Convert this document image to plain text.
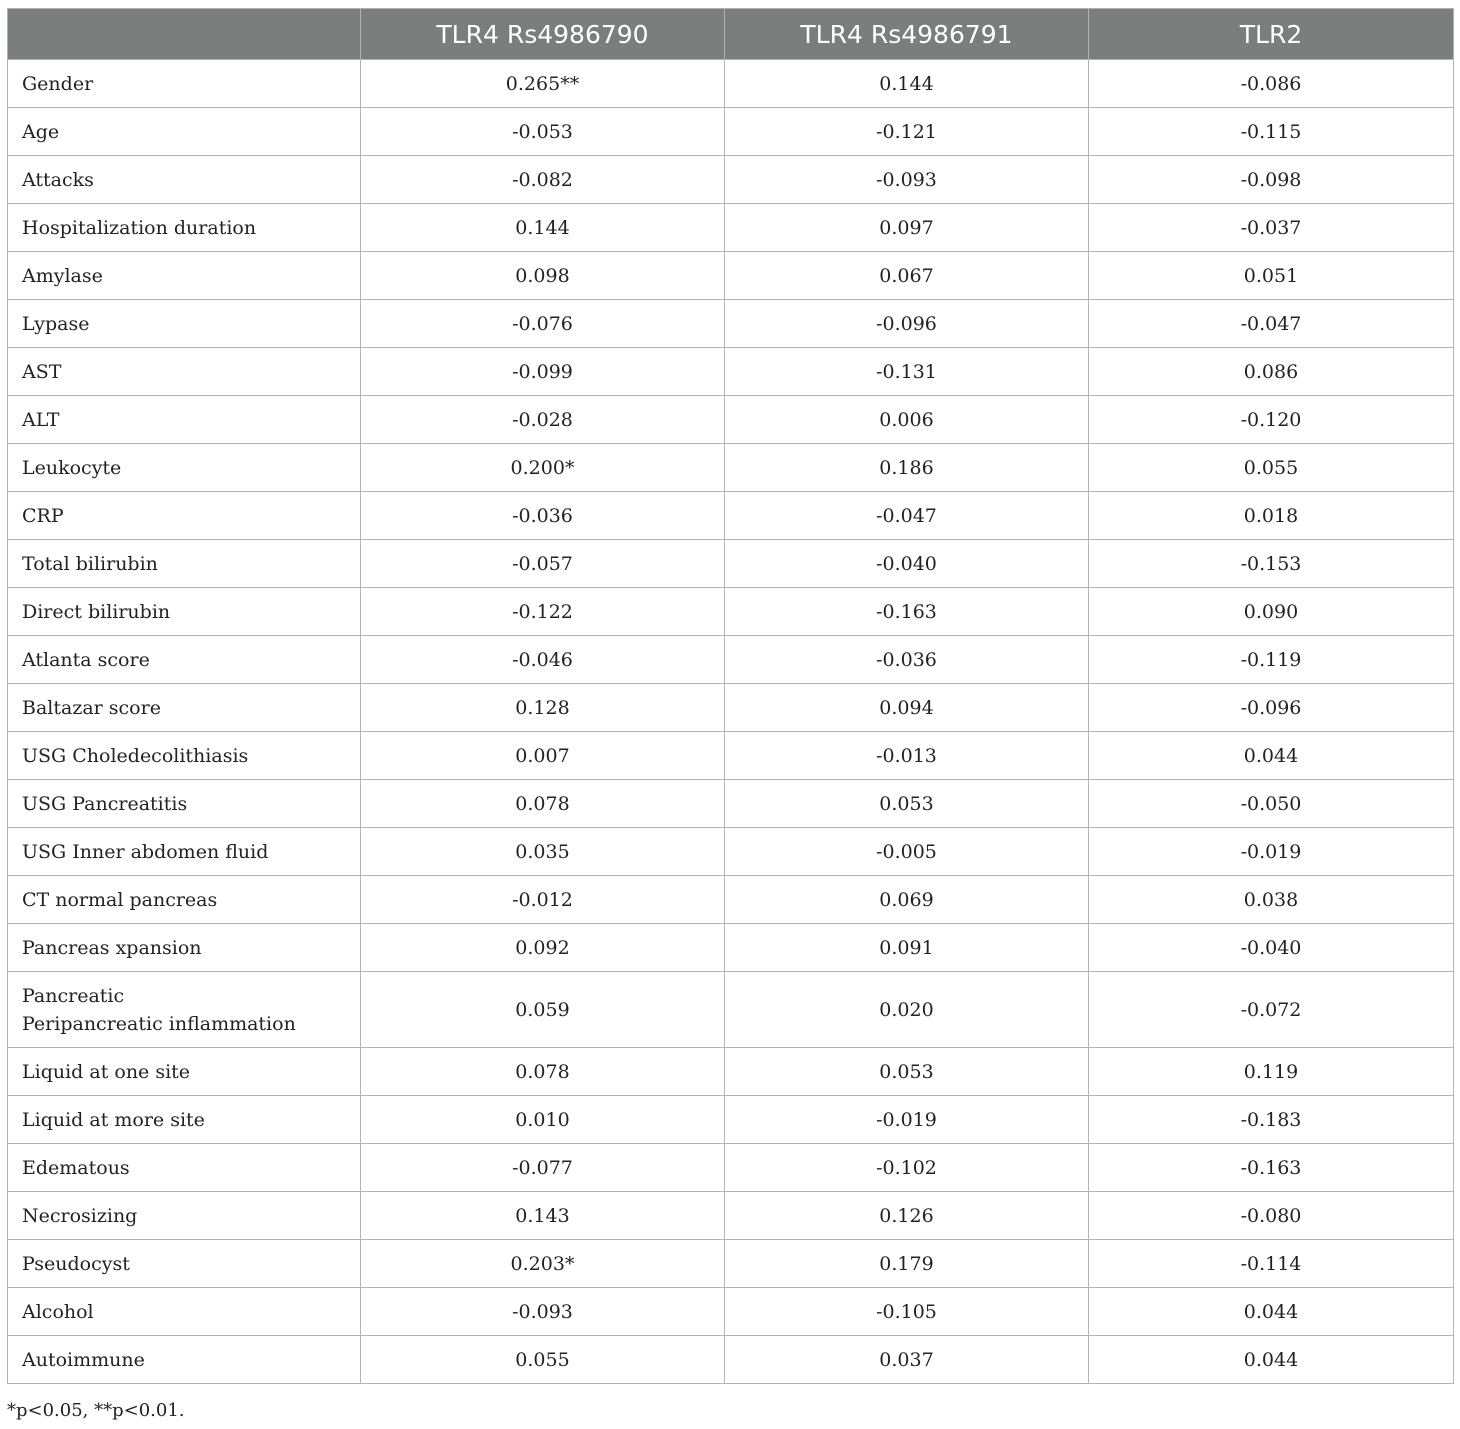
	TLR4 Rs4986790	TLR4 Rs4986791	TLR2
Gender	0.265**	0.144	-0.086
Age	-0.053	-0.121	-0.115
Attacks	-0.082	-0.093	-0.098
Hospitalization duration	0.144	0.097	-0.037
Amylase	0.098	0.067	0.051
Lypase	-0.076	-0.096	-0.047
AST	-0.099	-0.131	0.086
ALT	-0.028	0.006	-0.120
Leukocyte	0.200*	0.186	0.055
CRP	-0.036	-0.047	0.018
Total bilirubin	-0.057	-0.040	-0.153
Direct bilirubin	-0.122	-0.163	0.090
Atlanta score	-0.046	-0.036	-0.119
Baltazar score	0.128	0.094	-0.096
USG Choledecolithiasis	0.007	-0.013	0.044
USG Pancreatitis	0.078	0.053	-0.050
USG Inner abdomen fluid	0.035	-0.005	-0.019
CT normal pancreas	-0.012	0.069	0.038
Pancreas xpansion	0.092	0.091	-0.040
Pancreatic
Peripancreatic inflammation	0.059	0.020	-0.072
Liquid at one site	0.078	0.053	0.119
Liquid at more site	0.010	-0.019	-0.183
Edematous	-0.077	-0.102	-0.163
Necrosizing	0.143	0.126	-0.080
Pseudocyst	0.203*	0.179	-0.114
Alcohol	-0.093	-0.105	0.044
Autoimmune	0.055	0.037	0.044
*p<0.05, **p<0.01.
